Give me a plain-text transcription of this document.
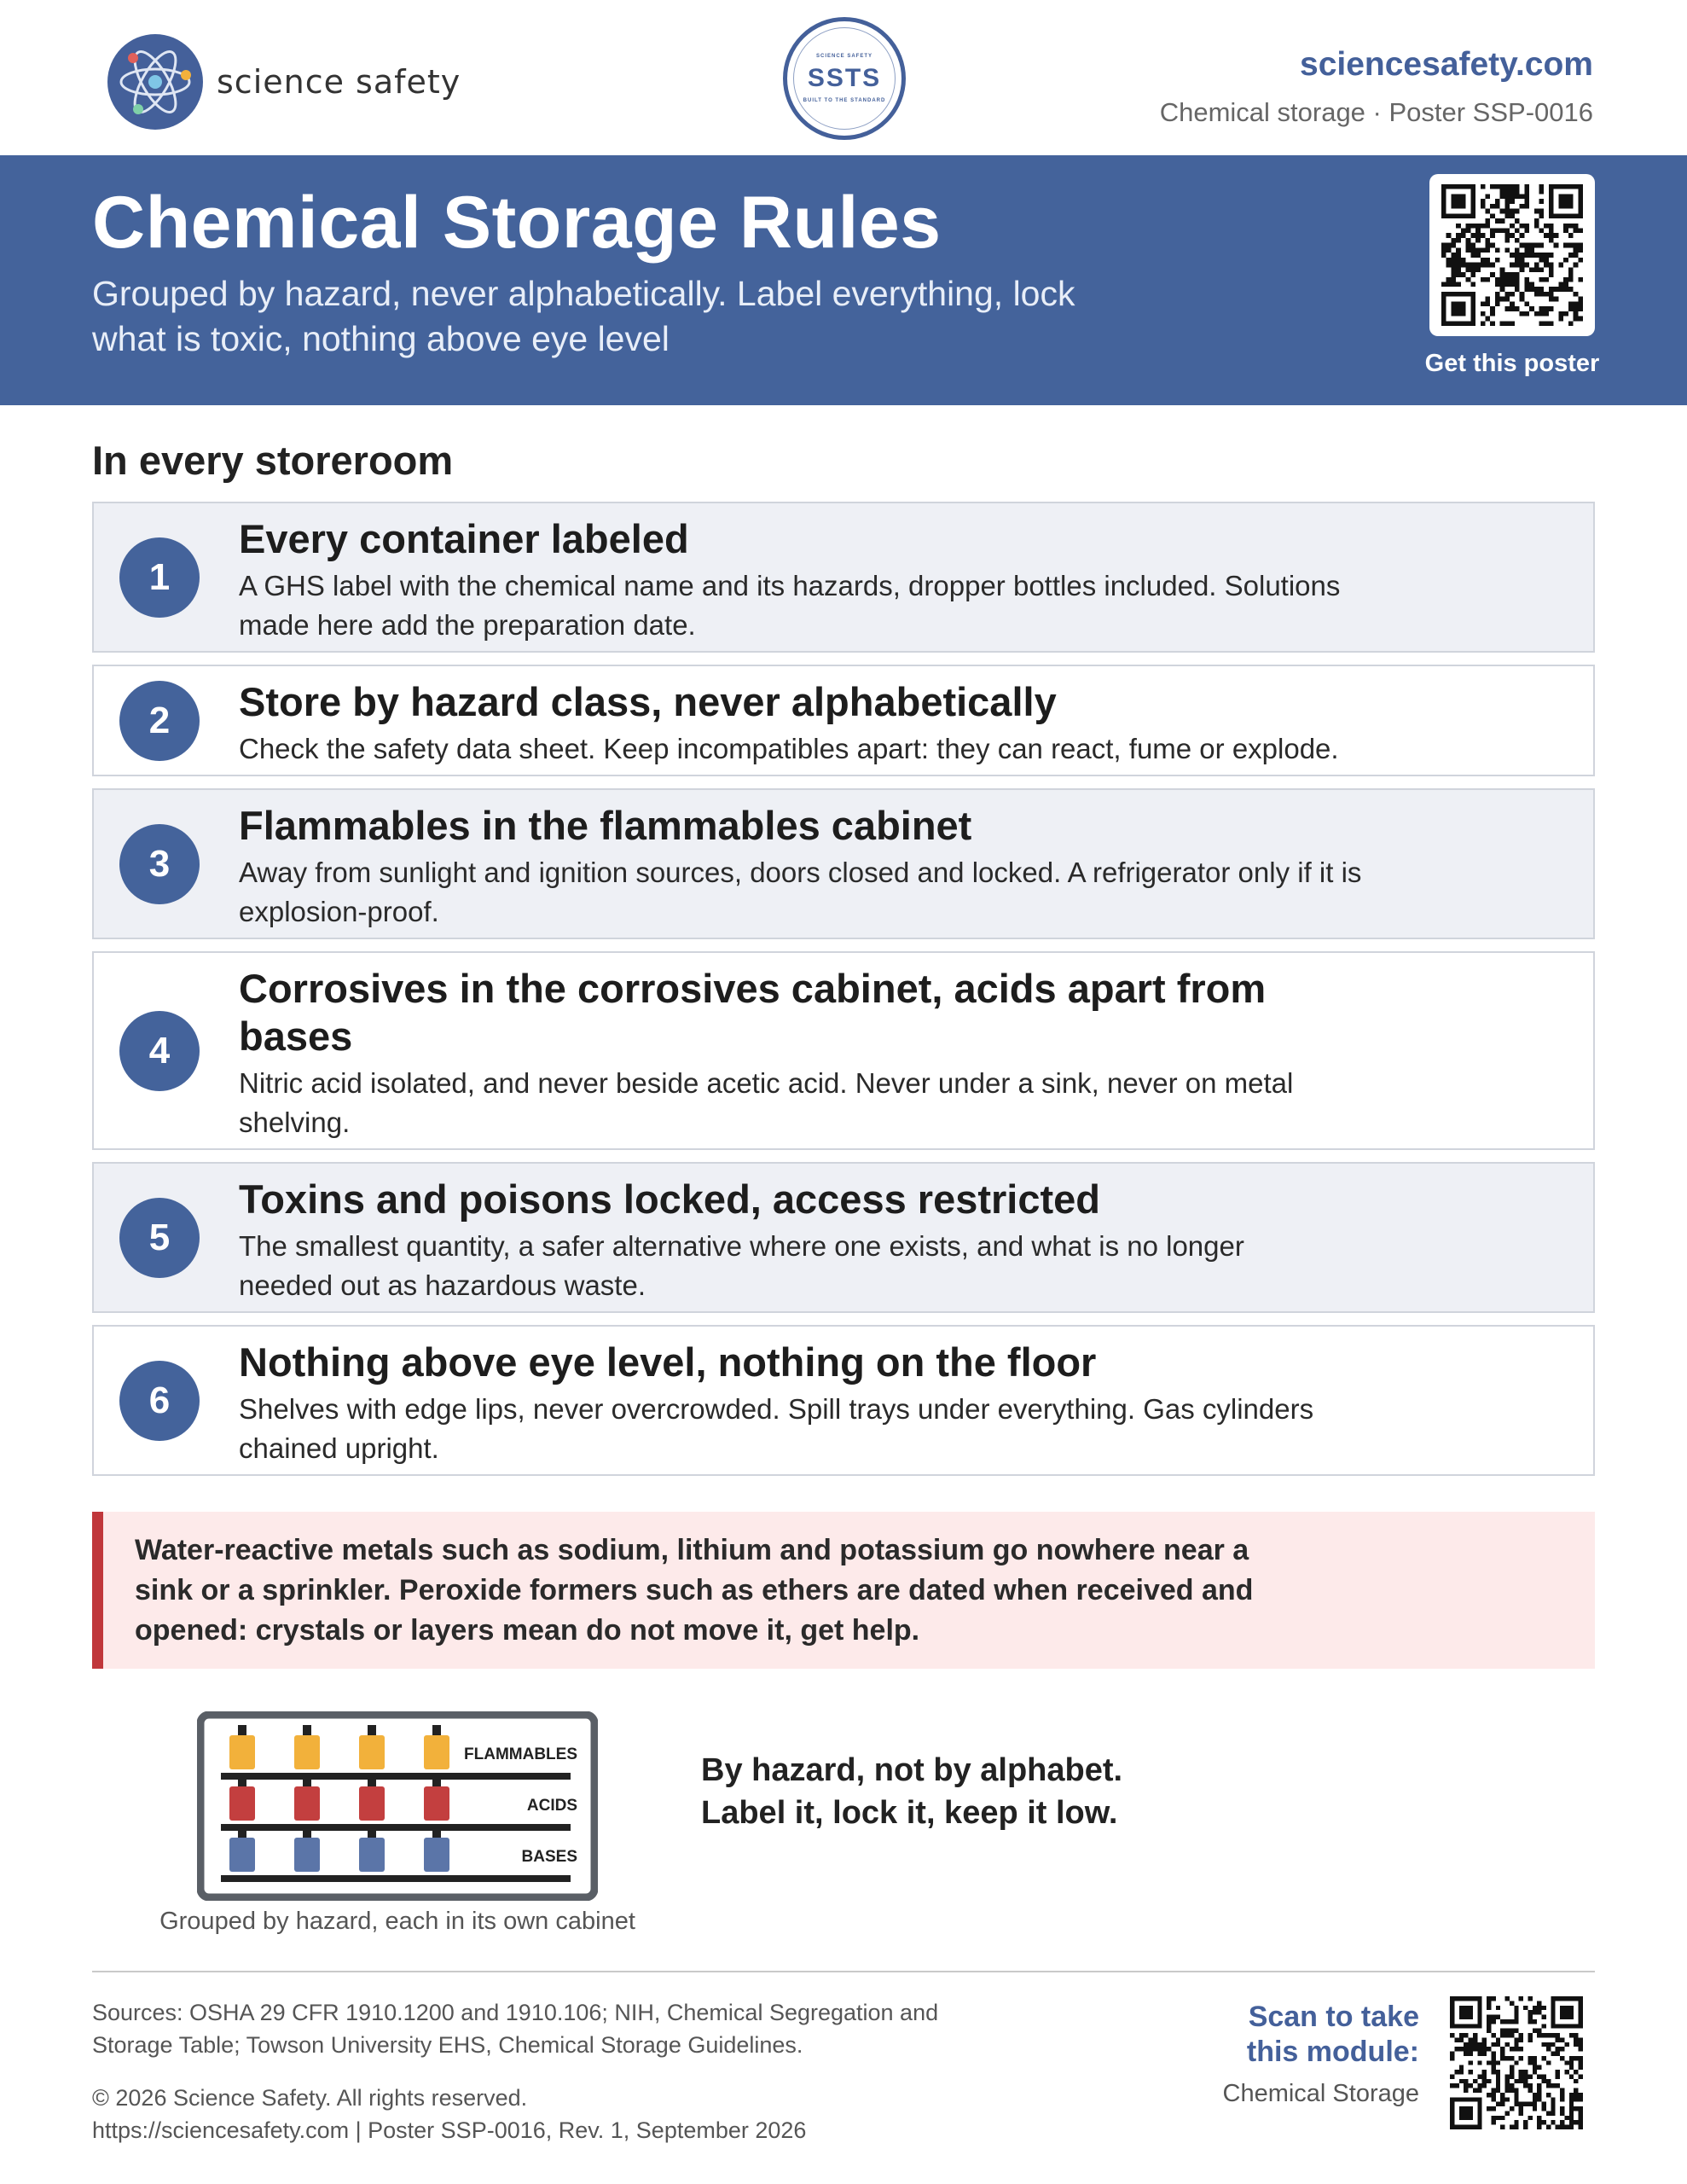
science safety
SCIENCE SAFETY
SSTS
BUILT TO THE STANDARD
sciencesafety.com
Chemical storage · Poster SSP-0016
Chemical Storage Rules

Grouped by hazard, never alphabetically. Label everything, lock what is toxic, nothing above eye level

Get this poster
In every storeroom
1
Every container labeled

A GHS label with the chemical name and its hazards, dropper bottles included. Solutions made here add the preparation date.

2	Store by hazard class, never alphabetically

Check the safety data sheet. Keep incompatibles apart: they can react, fume or explode.

3
Flammables in the flammables cabinet

Away from sunlight and ignition sources, doors closed and locked. A refrigerator only if it is explosion-proof.

4
Corrosives in the corrosives cabinet, acids apart from bases

Nitric acid isolated, and never beside acetic acid. Never under a sink, never on metal shelving.

5
Toxins and poisons locked, access restricted

The smallest quantity, a safer alternative where one exists, and what is no longer needed out as hazardous waste.

6
Nothing above eye level, nothing on the floor

Shelves with edge lips, never overcrowded. Spill trays under everything. Gas cylinders chained upright.

Water-reactive metals such as sodium, lithium and potassium go nowhere near a sink or a sprinkler. Peroxide formers such as ethers are dated when received and opened: crystals or layers mean do not move it, get help.

FLAMMABLES
ACIDS
BASES
Grouped by hazard, each in its own cabinet
By hazard, not by alphabet.
Label it, lock it, keep it low.
Sources: OSHA 29 CFR 1910.1200 and 1910.106; NIH, Chemical Segregation and
Storage Table; Towson University EHS, Chemical Storage Guidelines.
© 2026 Science Safety. All rights reserved.
https://sciencesafety.com | Poster SSP-0016, Rev. 1, September 2026
Scan to take
this module:
Chemical Storage
